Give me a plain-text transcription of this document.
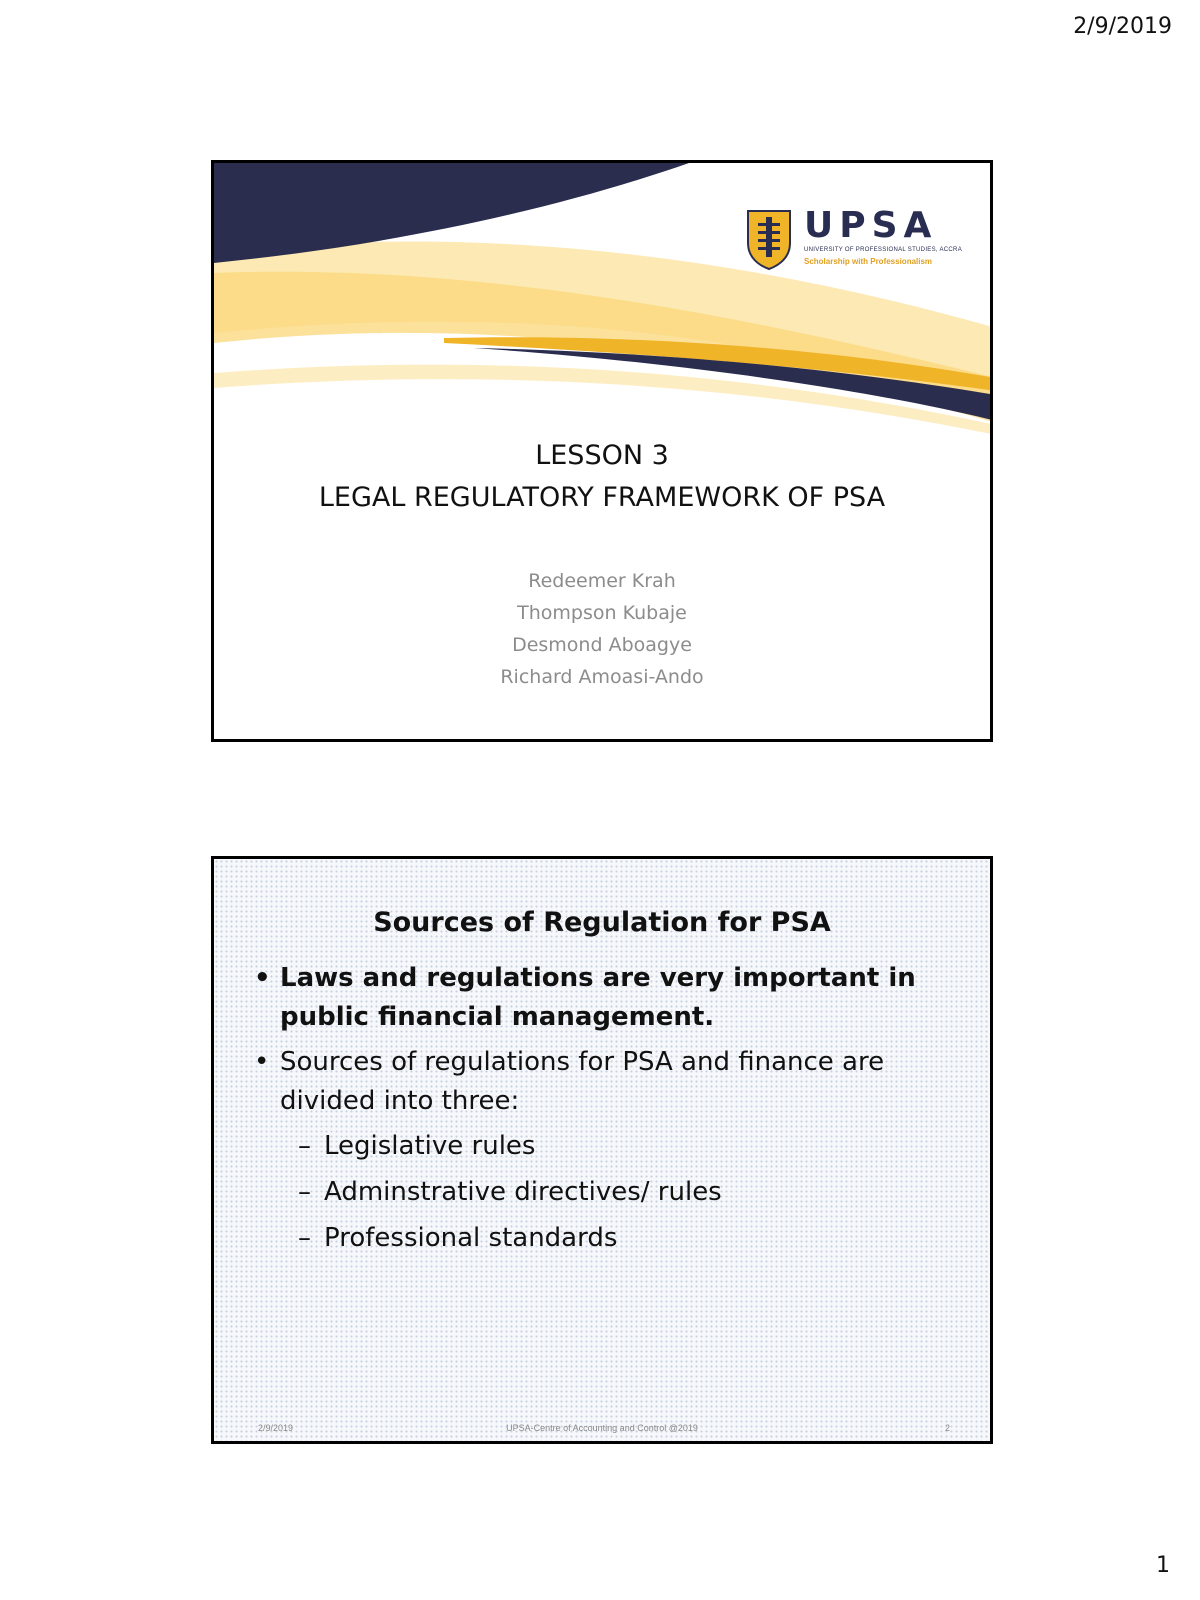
2/9/2019
UPSA
UNIVERSITY OF PROFESSIONAL STUDIES, ACCRA
Scholarship with Professionalism
LESSON 3
LEGAL REGULATORY FRAMEWORK OF PSA
Redeemer Krah
Thompson Kubaje
Desmond Aboagye
Richard Amoasi-Ando
Sources of Regulation for PSA
• Laws and regulations are very important in public financial management.
• Sources of regulations for PSA and finance are divided into three:
– Legislative rules
– Adminstrative directives/ rules
– Professional standards
2/9/2019	UPSA-Centre of Accounting and Control @2019	2
1
